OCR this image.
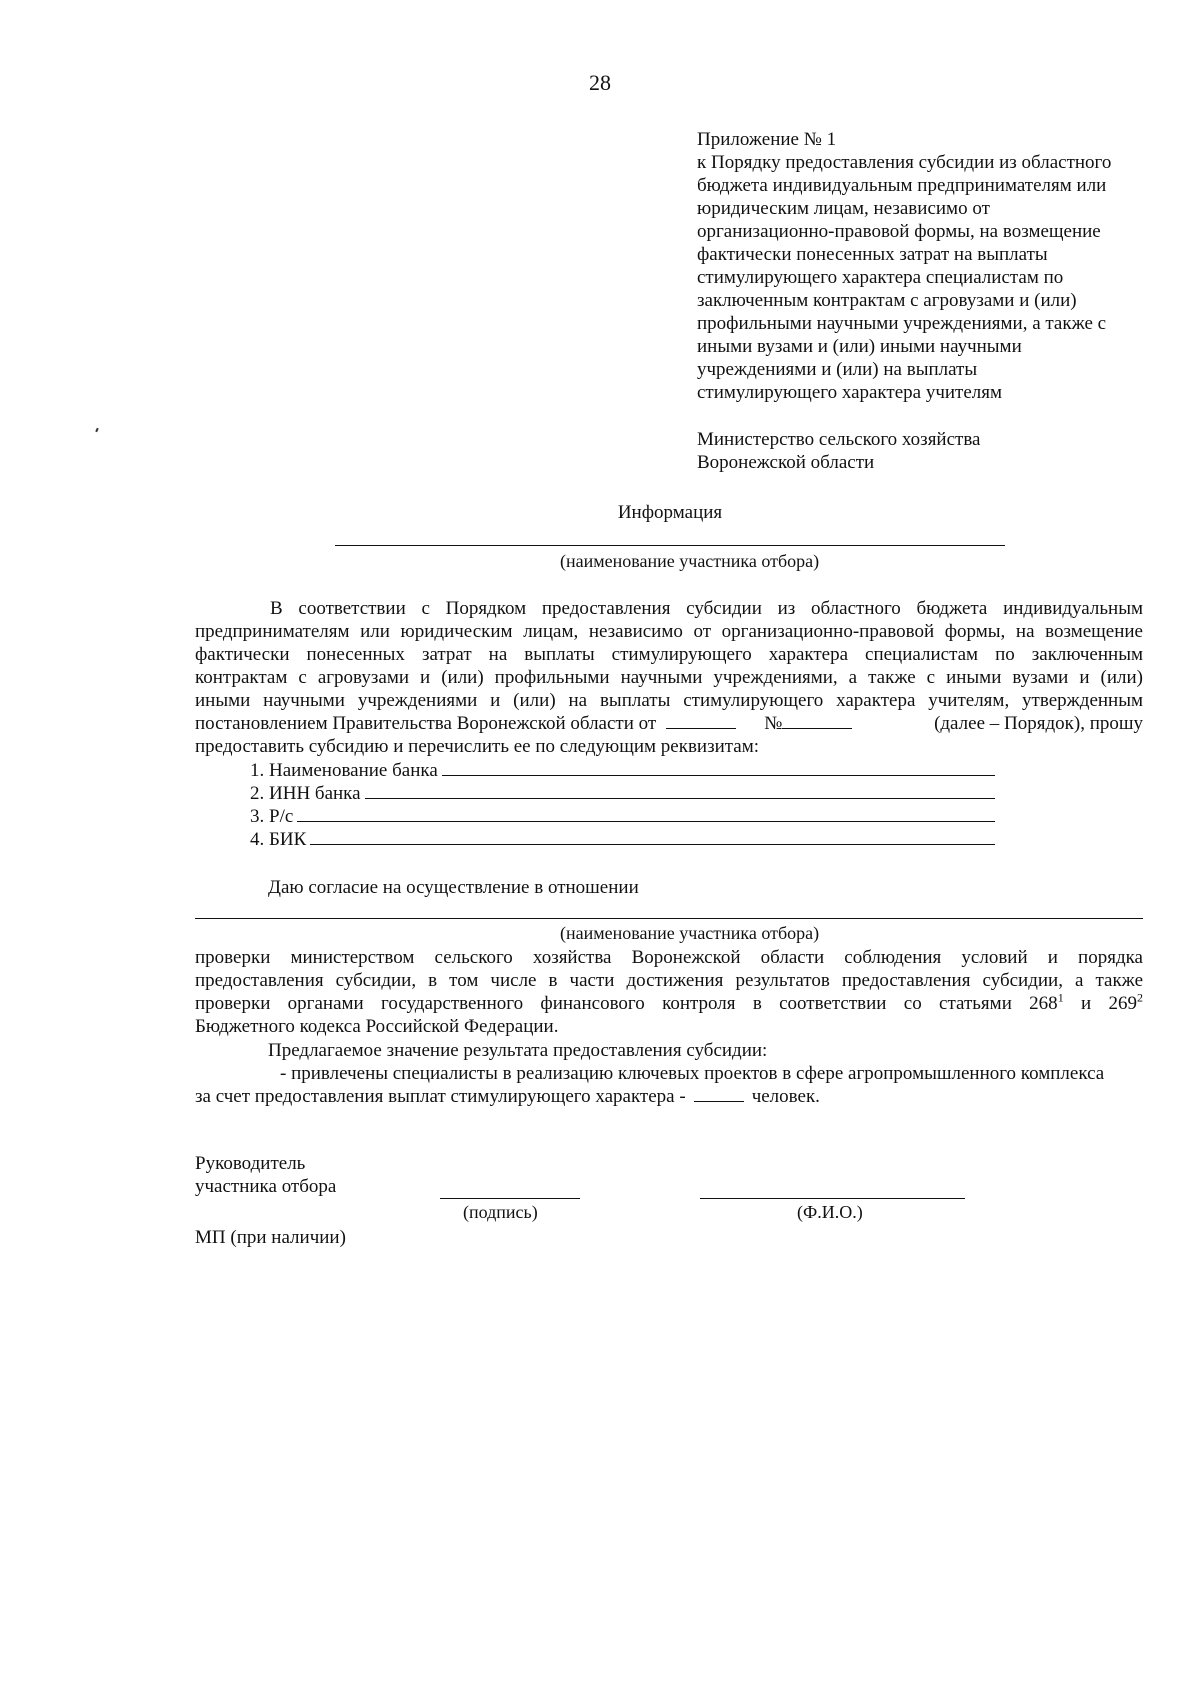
28
Приложение № 1
к Порядку предоставления субсидии из областного
бюджета индивидуальным предпринимателям или
юридическим лицам, независимо от
организационно-правовой формы, на возмещение
фактически понесенных затрат на выплаты
стимулирующего характера специалистам по
заключенным контрактам с агровузами и (или)
профильными научными учреждениями, а также с
иными вузами и (или) иными научными
учреждениями и (или) на выплаты
стимулирующего характера учителям
Министерство сельского хозяйства
Воронежской области
Информация
(наименование участника отбора)
В соответствии с Порядком предоставления субсидии из областного бюджета индивидуальным
предпринимателям или юридическим лицам, независимо от организационно-правовой формы, на возмещение
фактически понесенных затрат на выплаты стимулирующего характера специалистам по заключенным
контрактам с агровузами и (или) профильными научными учреждениями, а также с иными вузами и (или)
иными научными учреждениями и (или) на выплаты стимулирующего характера учителям, утвержденным
постановлением Правительства Воронежской области от	№	(далее – Порядок), прошу
предоставить субсидию и перечислить ее по следующим реквизитам:
1. Наименование банка
2. ИНН банка
3. Р/с
4. БИК
Даю согласие на осуществление в отношении
(наименование участника отбора)
проверки министерством сельского хозяйства Воронежской области соблюдения условий и порядка
предоставления субсидии, в том числе в части достижения результатов предоставления субсидии, а также
проверки органами государственного финансового контроля в соответствии со статьями $268^1$ и $269^2$
Бюджетного кодекса Российской Федерации.
Предлагаемое значение результата предоставления субсидии:
- привлечены специалисты в реализацию ключевых проектов в сфере агропромышленного комплекса
за счет предоставления выплат стимулирующего характера -	человек.
Руководитель
участника отбора
(подпись)	(Ф.И.О.)
МП (при наличии)
